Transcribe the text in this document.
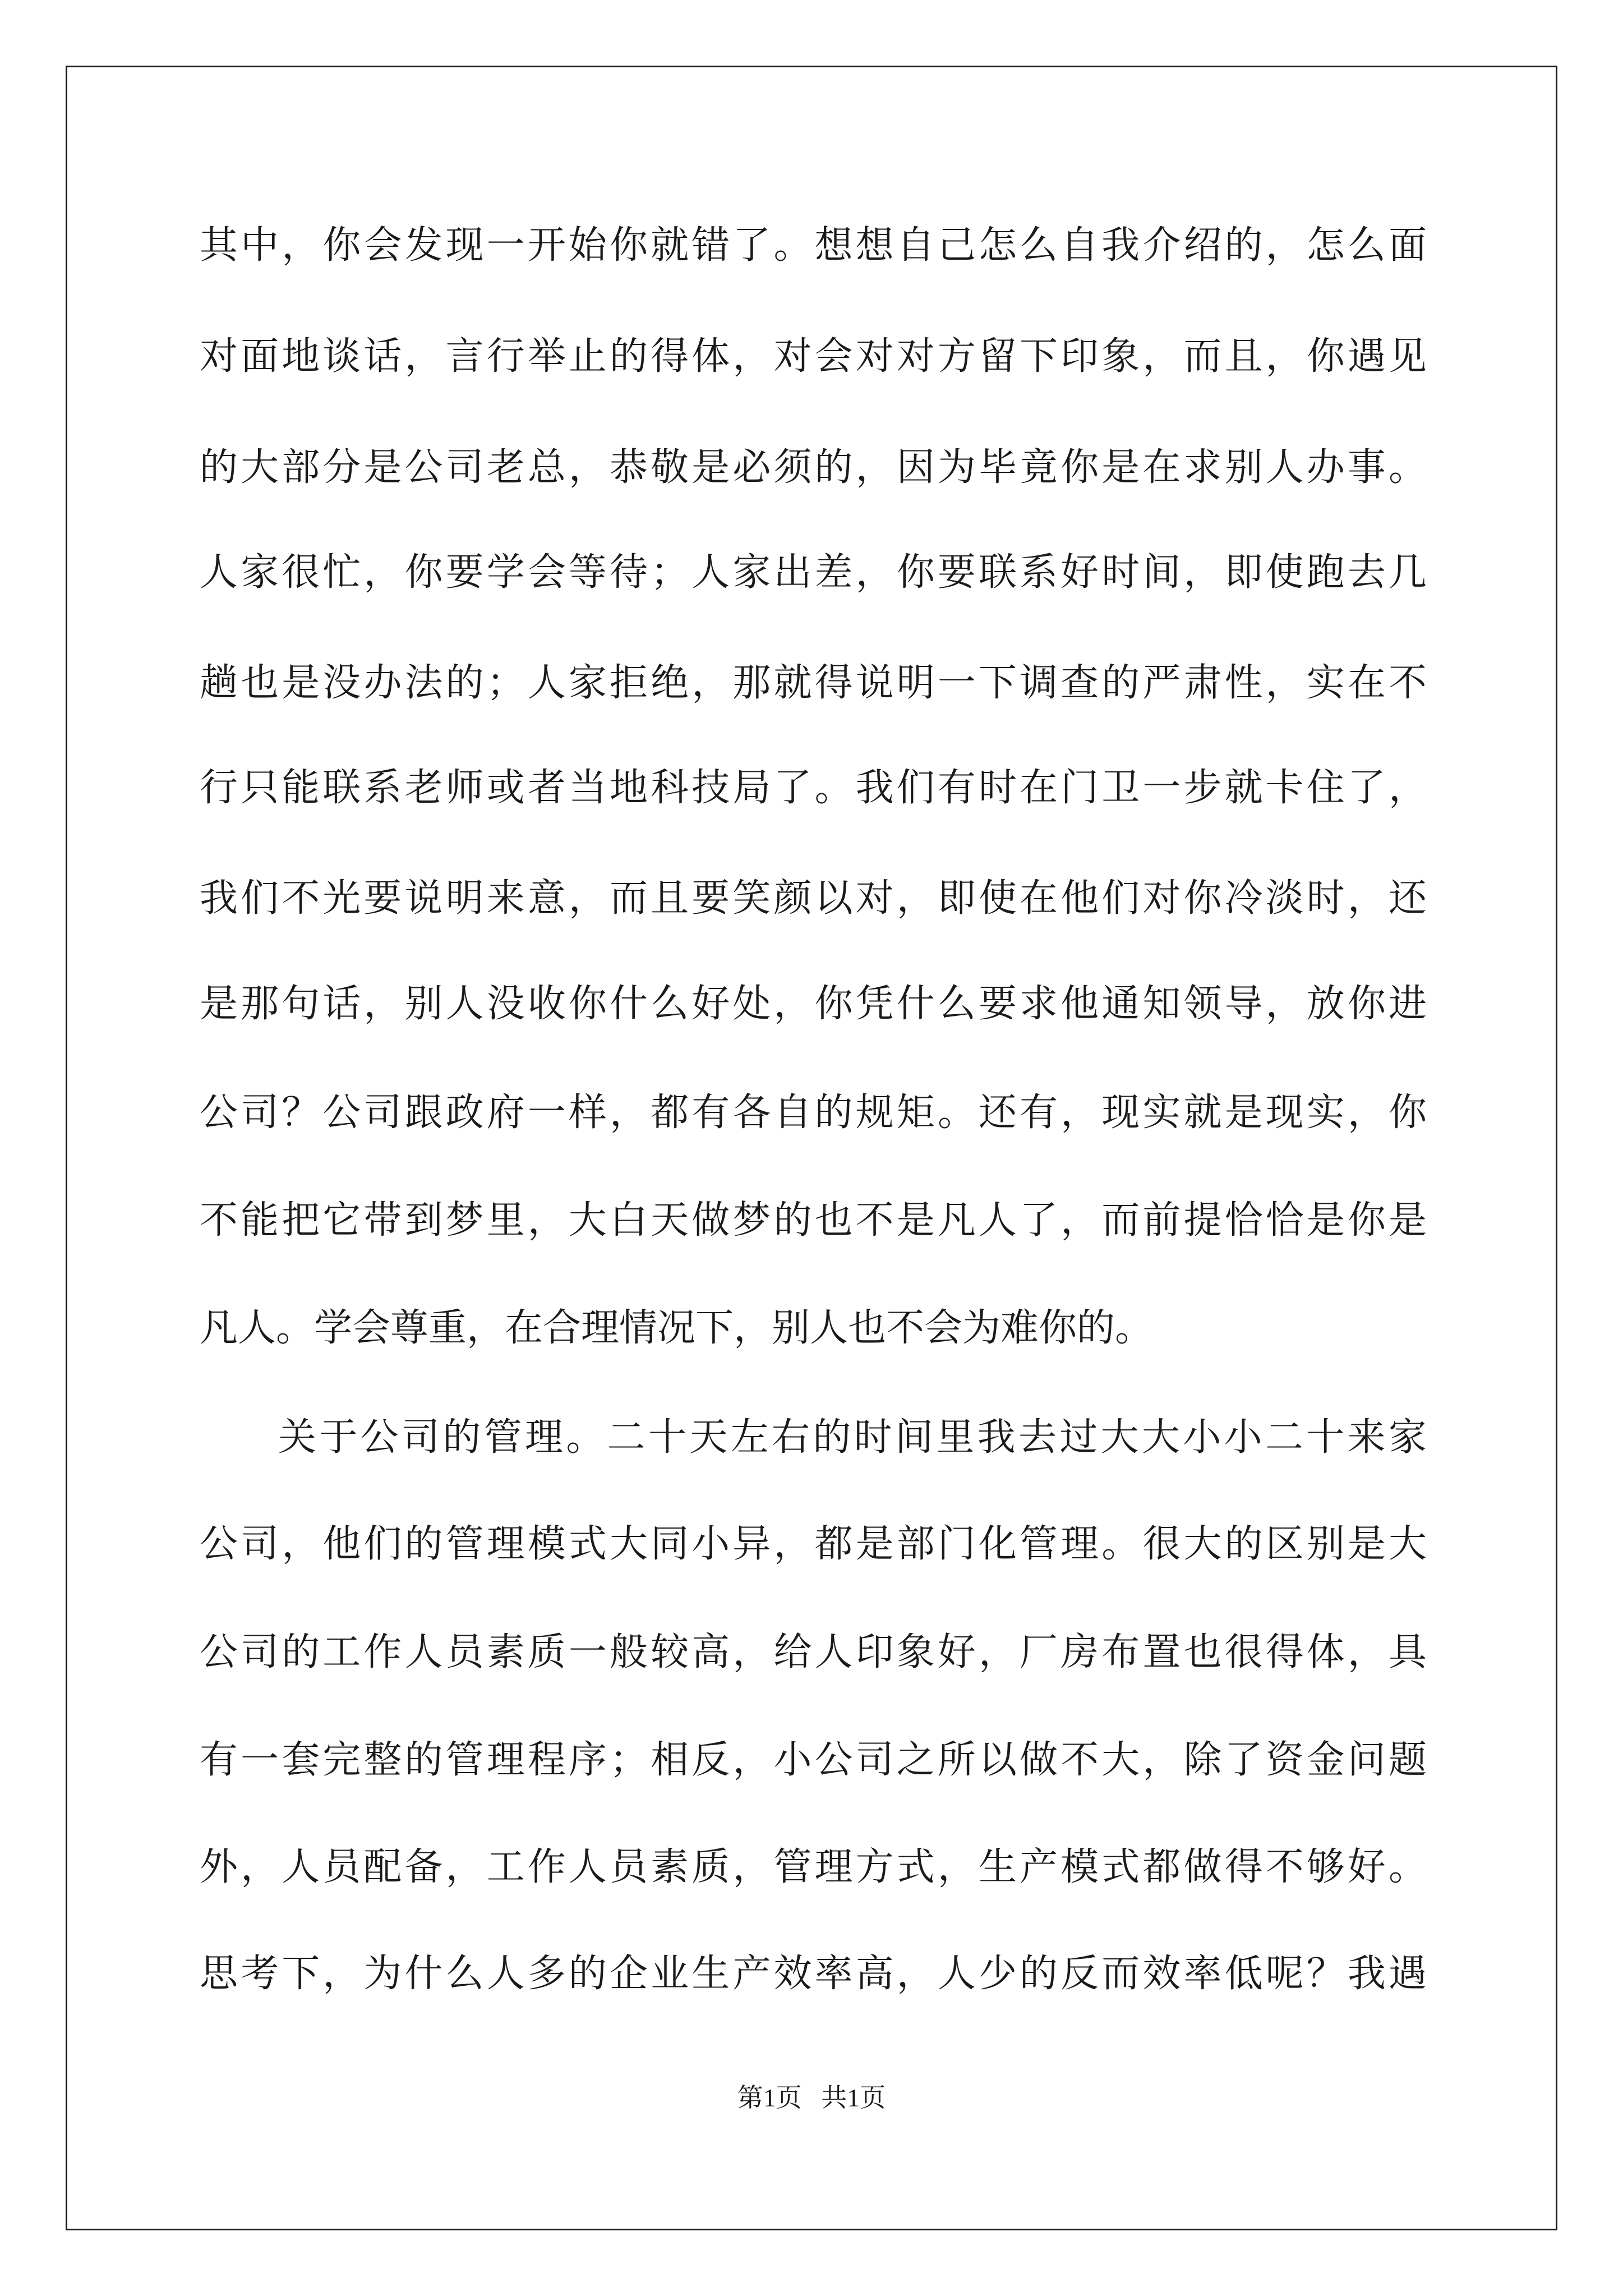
其中，你会发现一开始你就错了。想想自己怎么自我介绍的，怎么面

对面地谈话，言行举止的得体，对会对对方留下印象，而且，你遇见

的大部分是公司老总，恭敬是必须的，因为毕竟你是在求别人办事。

人家很忙，你要学会等待；人家出差，你要联系好时间，即使跑去几

趟也是没办法的；人家拒绝，那就得说明一下调查的严肃性，实在不

行只能联系老师或者当地科技局了。我们有时在门卫一步就卡住了，

我们不光要说明来意，而且要笑颜以对，即使在他们对你冷淡时，还

是那句话，别人没收你什么好处，你凭什么要求他通知领导，放你进

公司？公司跟政府一样，都有各自的规矩。还有，现实就是现实，你

不能把它带到梦里，大白天做梦的也不是凡人了，而前提恰恰是你是

凡人。学会尊重，在合理情况下，别人也不会为难你的。

关于公司的管理。二十天左右的时间里我去过大大小小二十来家

公司，他们的管理模式大同小异，都是部门化管理。很大的区别是大

公司的工作人员素质一般较高，给人印象好，厂房布置也很得体，具

有一套完整的管理程序；相反，小公司之所以做不大，除了资金问题

外，人员配备，工作人员素质，管理方式，生产模式都做得不够好。

思考下，为什么人多的企业生产效率高，人少的反而效率低呢？我遇

第1页   共1页
